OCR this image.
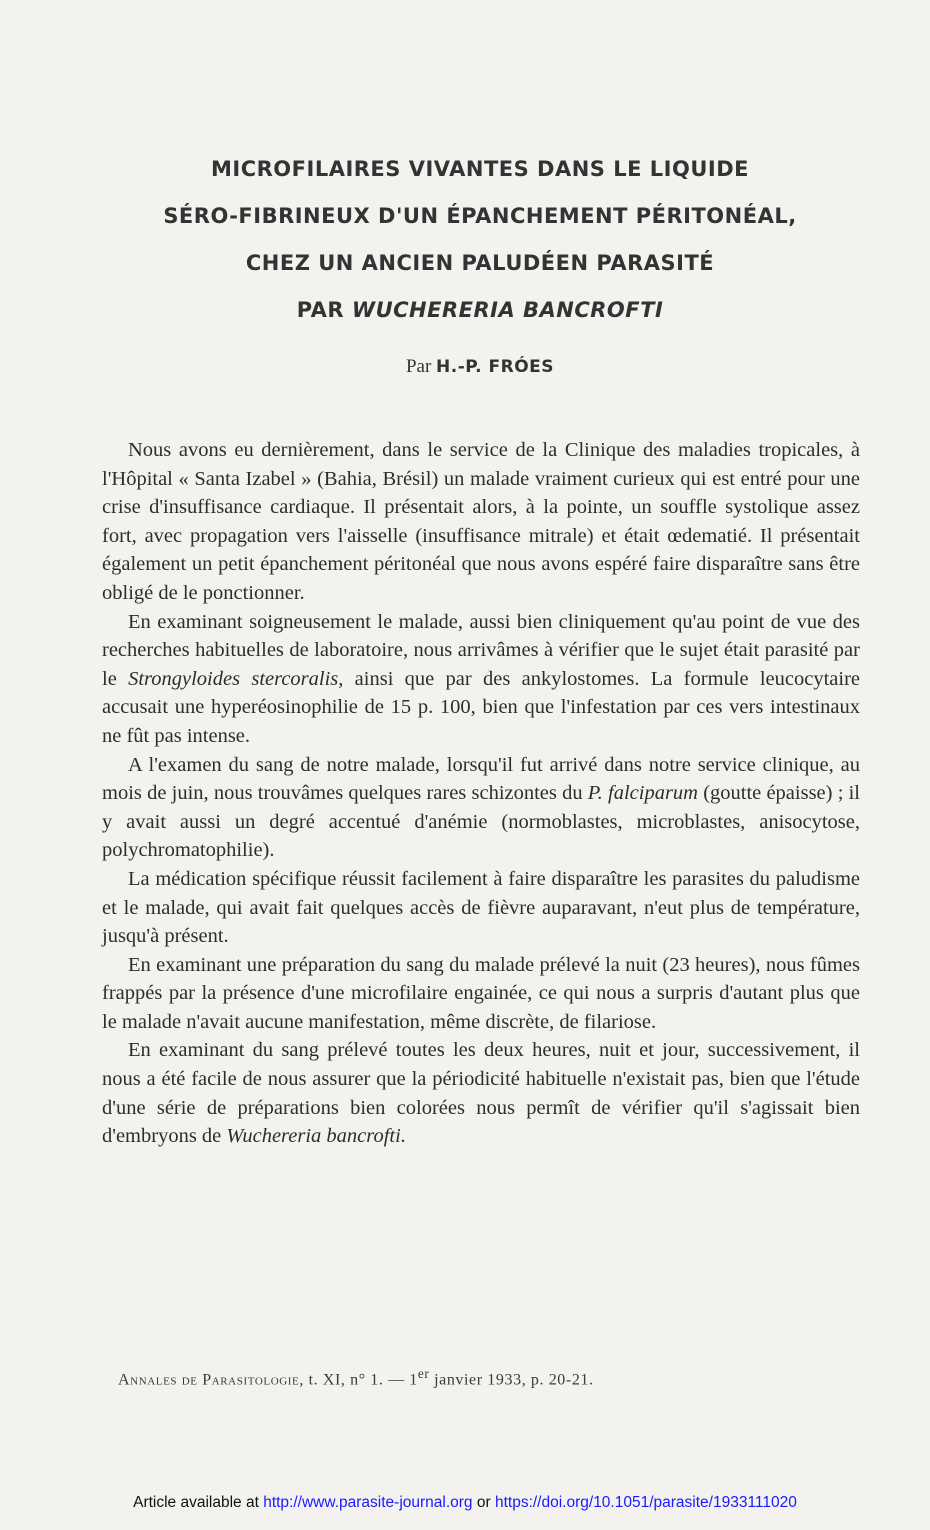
MICROFILAIRES VIVANTES DANS LE LIQUIDE
SÉRO-FIBRINEUX D'UN ÉPANCHEMENT PÉRITONÉAL,
CHEZ UN ANCIEN PALUDÉEN PARASITÉ
PAR WUCHERERIA BANCROFTI
Par H.-P. FRÓES

Nous avons eu dernièrement, dans le service de la Clinique des maladies tropicales, à l'Hôpital « Santa Izabel » (Bahia, Brésil) un malade vraiment curieux qui est entré pour une crise d'insuffisance cardiaque. Il présentait alors, à la pointe, un souffle systolique assez fort, avec propagation vers l'aisselle (insuffisance mitrale) et était œdematié. Il présentait également un petit épanchement péritonéal que nous avons espéré faire disparaître sans être obligé de le ponctionner.

En examinant soigneusement le malade, aussi bien cliniquement qu'au point de vue des recherches habituelles de laboratoire, nous arrivâmes à vérifier que le sujet était parasité par le Strongyloides stercoralis, ainsi que par des ankylostomes. La formule leucocytaire accusait une hyperéosinophilie de 15 p. 100, bien que l'infestation par ces vers intestinaux ne fût pas intense.

A l'examen du sang de notre malade, lorsqu'il fut arrivé dans notre service clinique, au mois de juin, nous trouvâmes quelques rares schizontes du P. falciparum (goutte épaisse) ; il y avait aussi un degré accentué d'anémie (normoblastes, microblastes, anisocytose, polychromatophilie).

La médication spécifique réussit facilement à faire disparaître les parasites du paludisme et le malade, qui avait fait quelques accès de fièvre auparavant, n'eut plus de température, jusqu'à présent.

En examinant une préparation du sang du malade prélevé la nuit (23 heures), nous fûmes frappés par la présence d'une microfilaire engainée, ce qui nous a surpris d'autant plus que le malade n'avait aucune manifestation, même discrète, de filariose.

En examinant du sang prélevé toutes les deux heures, nuit et jour, successivement, il nous a été facile de nous assurer que la périodicité habituelle n'existait pas, bien que l'étude d'une série de préparations bien colorées nous permît de vérifier qu'il s'agissait bien d'embryons de Wuchereria bancrofti.

Annales de Parasitologie, t. XI, n° 1. — 1er janvier 1933, p. 20-21.
Article available at http://www.parasite-journal.org or https://doi.org/10.1051/parasite/1933111020
